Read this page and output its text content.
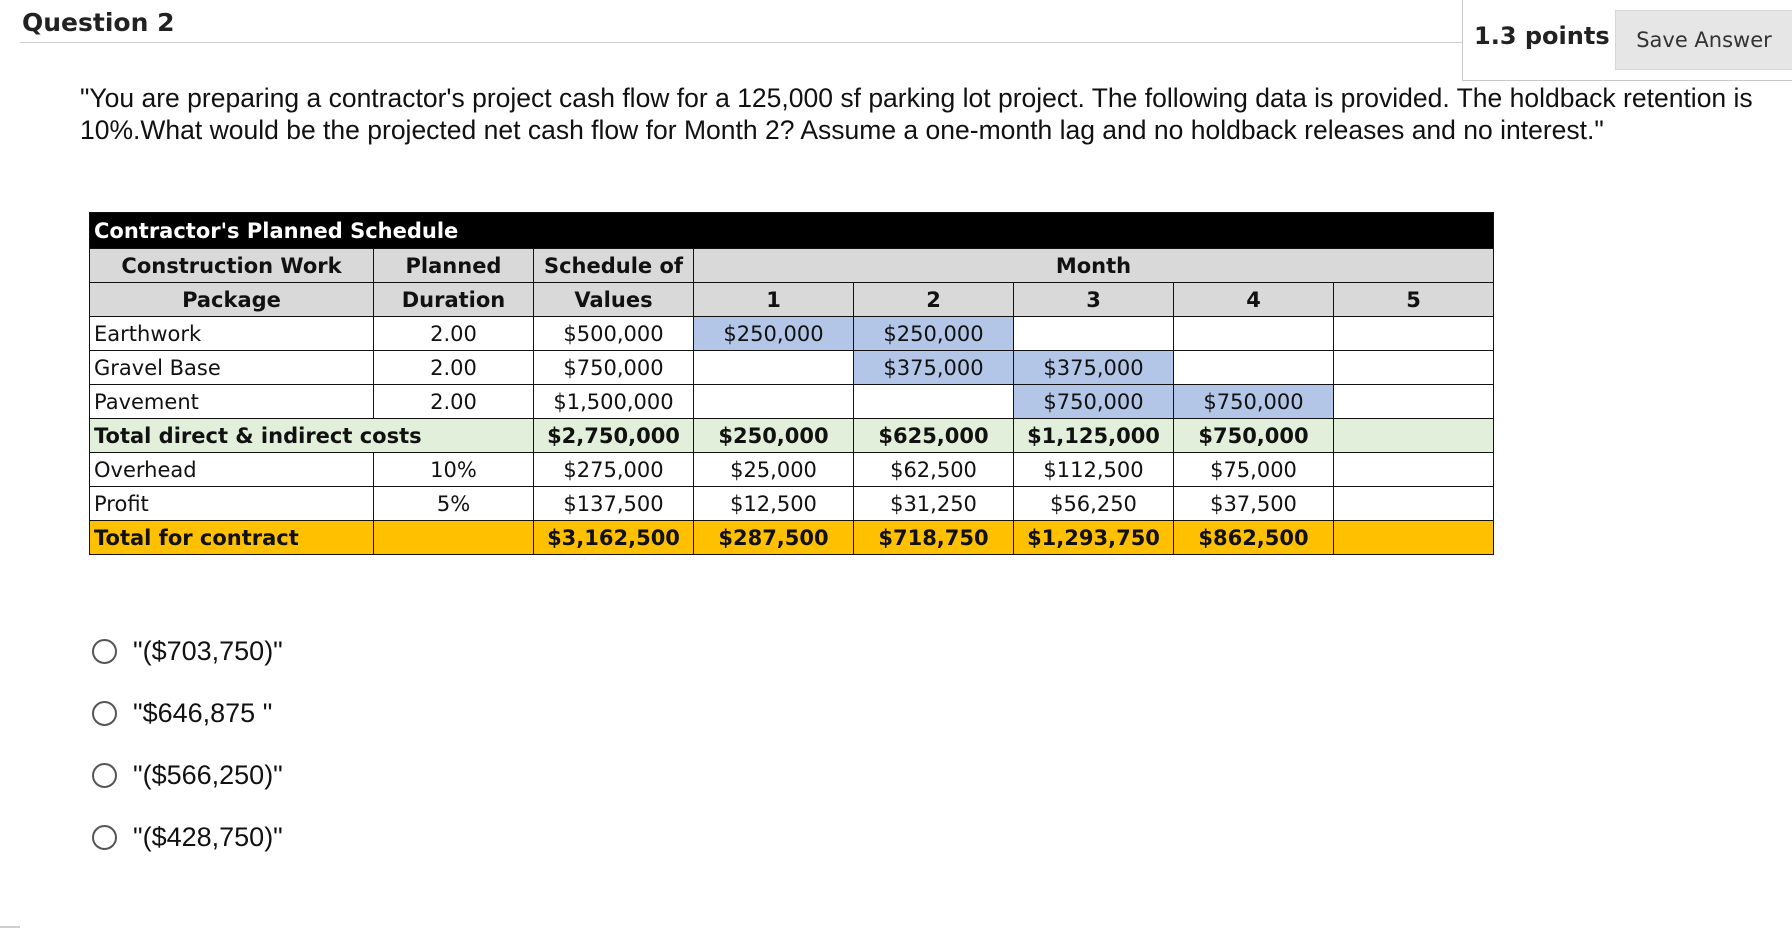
Question 2	1.3 points	Save Answer
"You are preparing a contractor's project cash flow for a 125,000 sf parking lot project. The following data is provided. The holdback retention is 10%.What would be the projected net cash flow for Month 2? Assume a one-month lag and no holdback releases and no interest."
Contractor's Planned Schedule							
Construction Work	Planned	Schedule of	Month				
Package	Duration	Values	1	2	3	4	5
Earthwork	2.00	$500,000	$250,000	$250,000			
Gravel Base	2.00	$750,000		$375,000	$375,000		
Pavement	2.00	$1,500,000			$750,000	$750,000	
Total direct & indirect costs		$2,750,000	$250,000	$625,000	$1,125,000	$750,000	
Overhead	10%	$275,000	$25,000	$62,500	$112,500	$75,000	
Profit	5%	$137,500	$12,500	$31,250	$56,250	$37,500	
Total for contract		$3,162,500	$287,500	$718,750	$1,293,750	$862,500	
"($703,750)"
"$646,875 "
"($566,250)"
"($428,750)"
